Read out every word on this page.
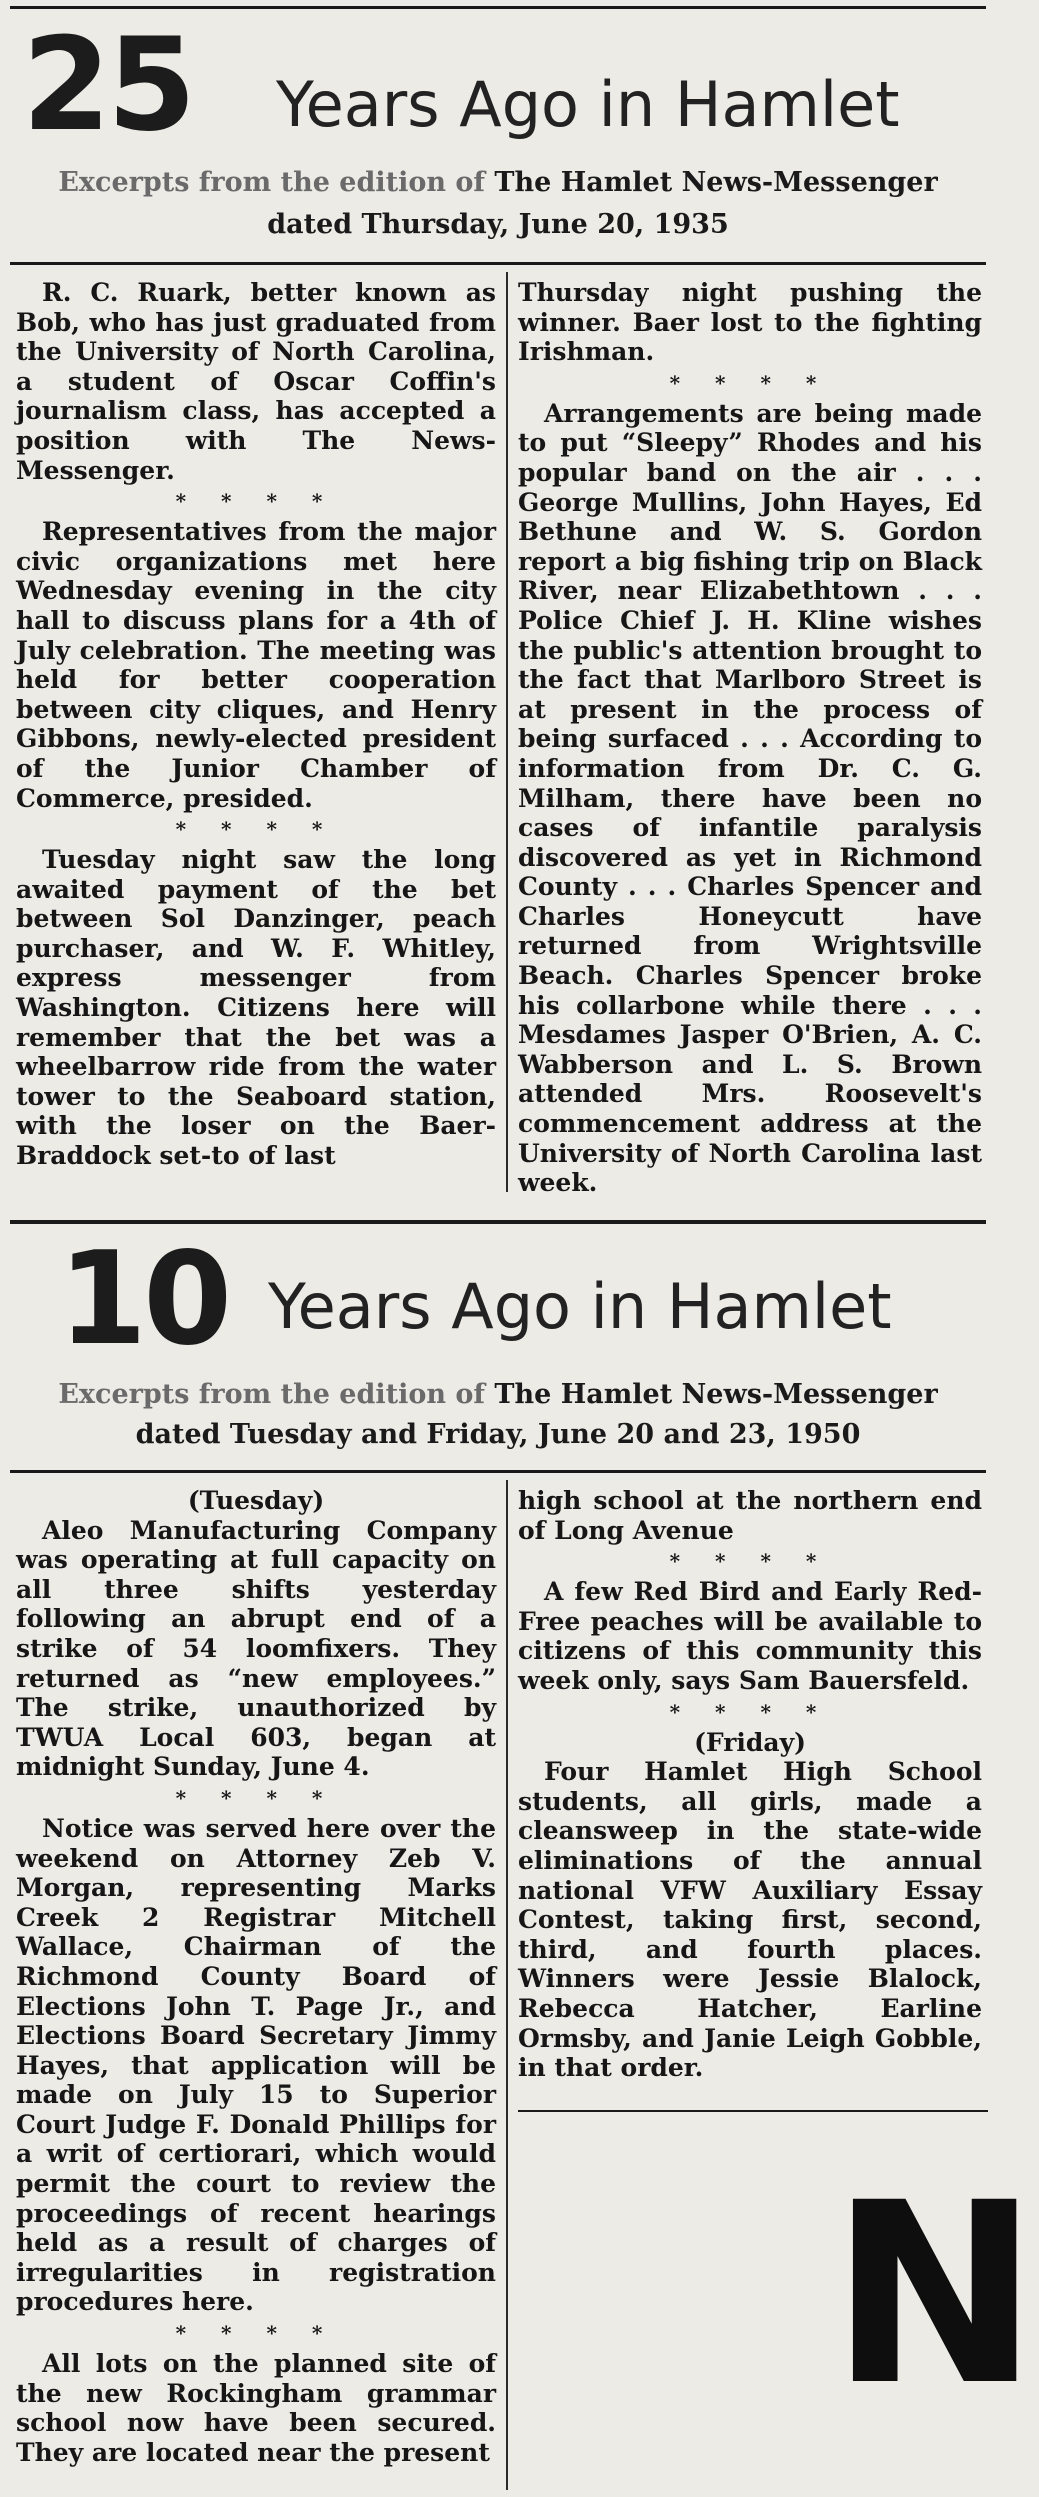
25 Years Ago in Hamlet
Excerpts from the edition of The Hamlet News-Messenger
dated Thursday, June 20, 1935

R. C. Ruark, better known as Bob, who has just graduated from the University of North Carolina, a student of Oscar Coffin's journalism class, has accepted a position with The News-Messenger.

* * * *

Representatives from the major civic organizations met here Wednesday evening in the city hall to discuss plans for a 4th of July celebration. The meeting was held for better cooperation between city cliques, and Henry Gibbons, newly-elected president of the Junior Chamber of Commerce, presided.

* * * *

Tuesday night saw the long awaited payment of the bet between Sol Danzinger, peach purchaser, and W. F. Whitley, express messenger from Washington. Citizens here will remember that the bet was a wheelbarrow ride from the water tower to the Seaboard station, with the loser on the Baer-Braddock set-to of last

Thursday night pushing the winner. Baer lost to the fighting Irishman.

* * * *

Arrangements are being made to put “Sleepy” Rhodes and his popular band on the air . . . George Mullins, John Hayes, Ed Bethune and W. S. Gordon report a big fishing trip on Black River, near Elizabethtown . . . Police Chief J. H. Kline wishes the public's attention brought to the fact that Marlboro Street is at present in the process of being surfaced . . . According to information from Dr. C. G. Milham, there have been no cases of infantile paralysis discovered as yet in Richmond County . . . Charles Spencer and Charles Honeycutt have returned from Wrightsville Beach. Charles Spencer broke his collarbone while there . . . Mesdames Jasper O'Brien, A. C. Wabberson and L. S. Brown attended Mrs. Roosevelt's commencement address at the University of North Carolina last week.

10 Years Ago in Hamlet
Excerpts from the edition of The Hamlet News-Messenger
dated Tuesday and Friday, June 20 and 23, 1950

(Tuesday)

Aleo Manufacturing Company was operating at full capacity on all three shifts yesterday following an abrupt end of a strike of 54 loomfixers. They returned as “new employees.” The strike, unauthorized by TWUA Local 603, began at midnight Sunday, June 4.

* * * *

Notice was served here over the weekend on Attorney Zeb V. Morgan, representing Marks Creek 2 Registrar Mitchell Wallace, Chairman of the Richmond County Board of Elections John T. Page Jr., and Elections Board Secretary Jimmy Hayes, that application will be made on July 15 to Superior Court Judge F. Donald Phillips for a writ of certiorari, which would permit the court to review the proceedings of recent hearings held as a result of charges of irregularities in registration procedures here.

* * * *

All lots on the planned site of the new Rockingham grammar school now have been secured. They are located near the present

high school at the northern end of Long Avenue

* * * *

A few Red Bird and Early Red-Free peaches will be available to citizens of this community this week only, says Sam Bauersfeld.

* * * *

(Friday)

Four Hamlet High School students, all girls, made a cleansweep in the state-wide eliminations of the annual national VFW Auxiliary Essay Contest, taking first, second, third, and fourth places. Winners were Jessie Blalock, Rebecca Hatcher, Earline Ormsby, and Janie Leigh Gobble, in that order.

N
